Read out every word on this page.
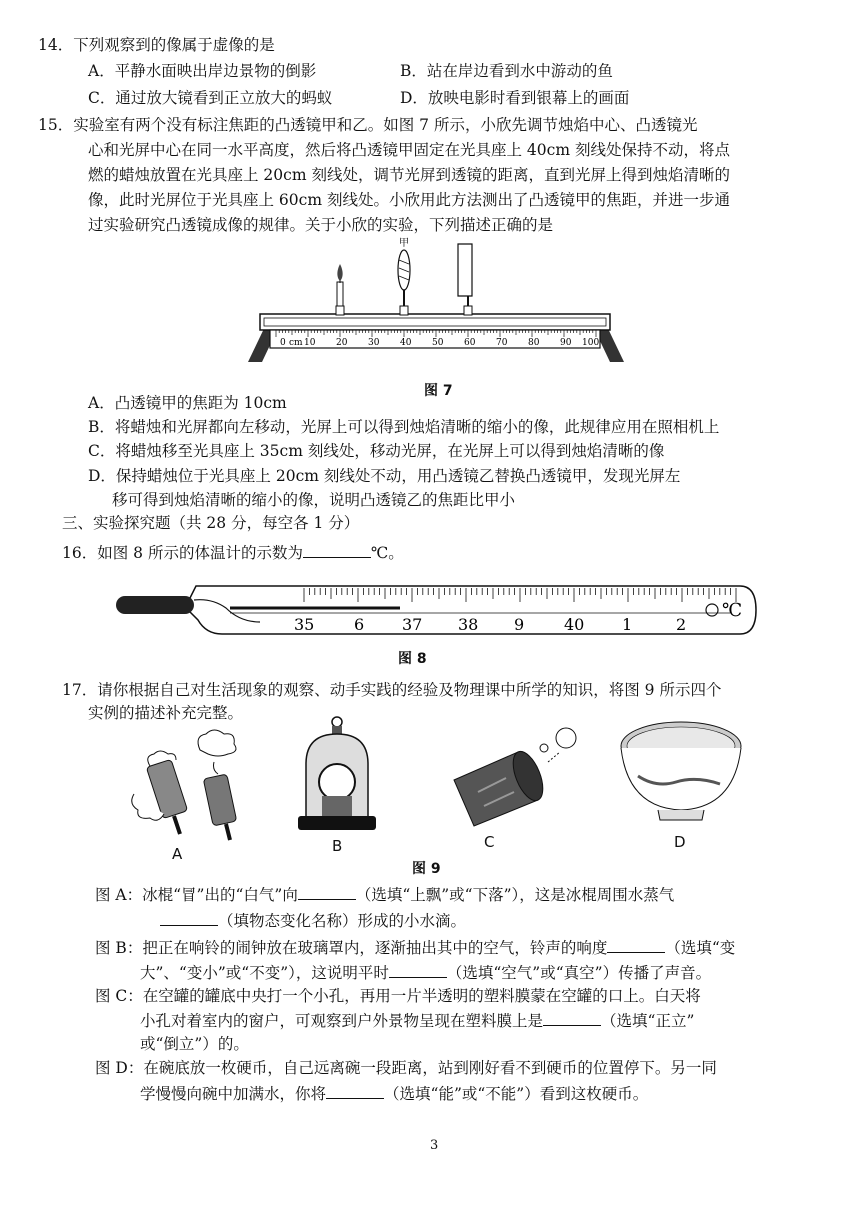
14．下列观察到的像属于虚像的是
A．平静水面映出岸边景物的倒影	B．站在岸边看到水中游动的鱼
C．通过放大镜看到正立放大的蚂蚁	D．放映电影时看到银幕上的画面
15．实验室有两个没有标注焦距的凸透镜甲和乙。如图 7 所示，小欣先调节烛焰中心、凸透镜光
心和光屏中心在同一水平高度，然后将凸透镜甲固定在光具座上 40cm 刻线处保持不动，将点
燃的蜡烛放置在光具座上 20cm 刻线处，调节光屏到透镜的距离，直到光屏上得到烛焰清晰的
像，此时光屏位于光具座上 60cm 刻线处。小欣用此方法测出了凸透镜甲的焦距，并进一步通
过实验研究凸透镜成像的规律。关于小欣的实验，下列描述正确的是
0 cm 10 20 30 40 50 60 70 80 90 100
甲
图 7
A．凸透镜甲的焦距为 10cm
B．将蜡烛和光屏都向左移动，光屏上可以得到烛焰清晰的缩小的像，此规律应用在照相机上
C．将蜡烛移至光具座上 35cm 刻线处，移动光屏，在光屏上可以得到烛焰清晰的像
D．保持蜡烛位于光具座上 20cm 刻线处不动，用凸透镜乙替换凸透镜甲，发现光屏左
移可得到烛焰清晰的缩小的像，说明凸透镜乙的焦距比甲小
三、实验探究题（共 28 分，每空各 1 分）
16．如图 8 所示的体温计的示数为	℃。
35 6 37 38 9 40 1	2
℃
图 8
17．请你根据自己对生活现象的观察、动手实践的经验及物理课中所学的知识，将图 9 所示四个
实例的描述补充完整。
A	B	C	D
图 9
图 A：冰棍“冒”出的“白气”向	（选填“上飘”或“下落”），这是冰棍周围水蒸气
（填物态变化名称）形成的小水滴。
图 B：把正在响铃的闹钟放在玻璃罩内，逐渐抽出其中的空气，铃声的响度	（选填“变
大”、“变小”或“不变”），这说明平时	（选填“空气”或“真空”）传播了声音。
图 C：在空罐的罐底中央打一个小孔，再用一片半透明的塑料膜蒙在空罐的口上。白天将
小孔对着室内的窗户，可观察到户外景物呈现在塑料膜上是	（选填“正立”
或“倒立”）的。
图 D：在碗底放一枚硬币，自己远离碗一段距离，站到刚好看不到硬币的位置停下。另一同
学慢慢向碗中加满水，你将	（选填“能”或“不能”）看到这枚硬币。
3
